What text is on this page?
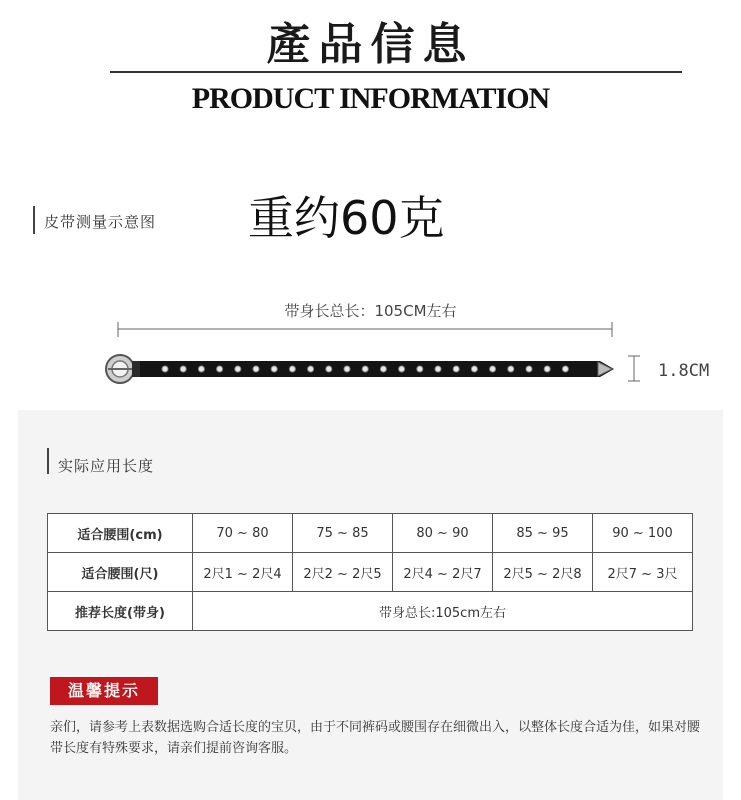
產品信息
PRODUCT INFORMATION
皮带测量示意图 重约60克
带身长总长：105CM左右
1.8CM
实际应用长度
适合腰围(cm)	70 ~ 80	75 ~ 85	80 ~ 90	85 ~ 95	90 ~ 100
适合腰围(尺)	2尺1 ~ 2尺4	2尺2 ~ 2尺5	2尺4 ~ 2尺7	2尺5 ~ 2尺8	2尺7 ~ 3尺
推荐长度(带身)	带身总长:105cm左右				
温馨提示
亲们，请参考上表数据选购合适长度的宝贝，由于不同裤码或腰围存在细微出入，以整体长度合适为佳，如果对腰带长度有特殊要求，请亲们提前咨询客服。
